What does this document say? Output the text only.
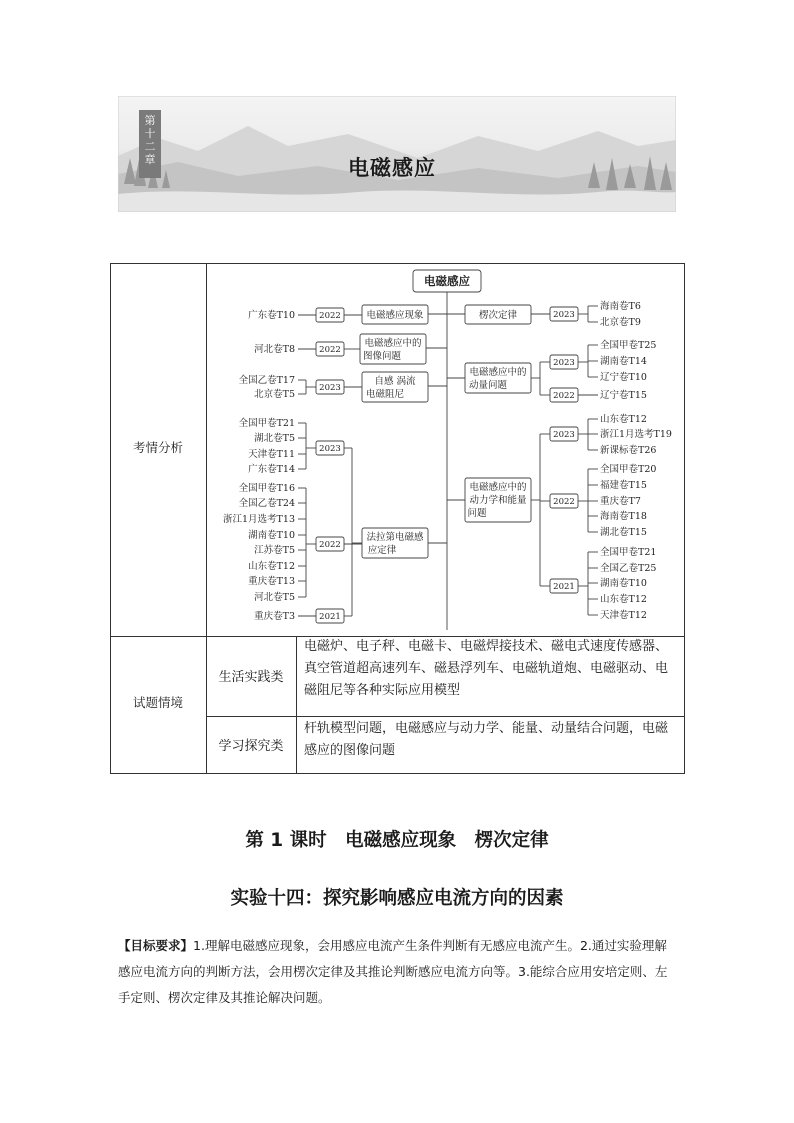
第十二章	电磁感应
考情分析
试题情境
生活实践类
学习探究类
电磁炉、电子秤、电磁卡、电磁焊接技术、磁电式速度传感器、真空管道超高速列车、磁悬浮列车、电磁轨道炮、电磁驱动、电磁阻尼等各种实际应用模型
杆轨模型问题，电磁感应与动力学、能量、动量结合问题，电磁感应的图像问题
电磁感应
电磁感应现象
电磁感应中的
图像问题
自感 涡流
电磁阻尼
法拉第电磁感
应定律
楞次定律
电磁感应中的
动量问题
电磁感应中的
动力学和能量
问题
2022
2022
2023
2023
2022
2021
2023
2023
2022
2023
2022
2021
广东卷T10
河北卷T8
全国乙卷T17
北京卷T5
全国甲卷T21
湖北卷T5
天津卷T11
广东卷T14
全国甲卷T16
全国乙卷T24
浙江1月选考T13
湖南卷T10
江苏卷T5
山东卷T12
重庆卷T13
河北卷T5
重庆卷T3
海南卷T6
北京卷T9
全国甲卷T25
湖南卷T14
辽宁卷T10
辽宁卷T15
山东卷T12
浙江1月选考T19
新课标卷T26
全国甲卷T20
福建卷T15
重庆卷T7
海南卷T18
湖北卷T15
全国甲卷T21
全国乙卷T25
湖南卷T10
山东卷T12
天津卷T12
第 1 课时　电磁感应现象　楞次定律
实验十四：探究影响感应电流方向的因素
【目标要求】1.理解电磁感应现象，会用感应电流产生条件判断有无感应电流产生。2.通过实验理解感应电流方向的判断方法，会用楞次定律及其推论判断感应电流方向等。3.能综合应用安培定则、左手定则、楞次定律及其推论解决问题。
